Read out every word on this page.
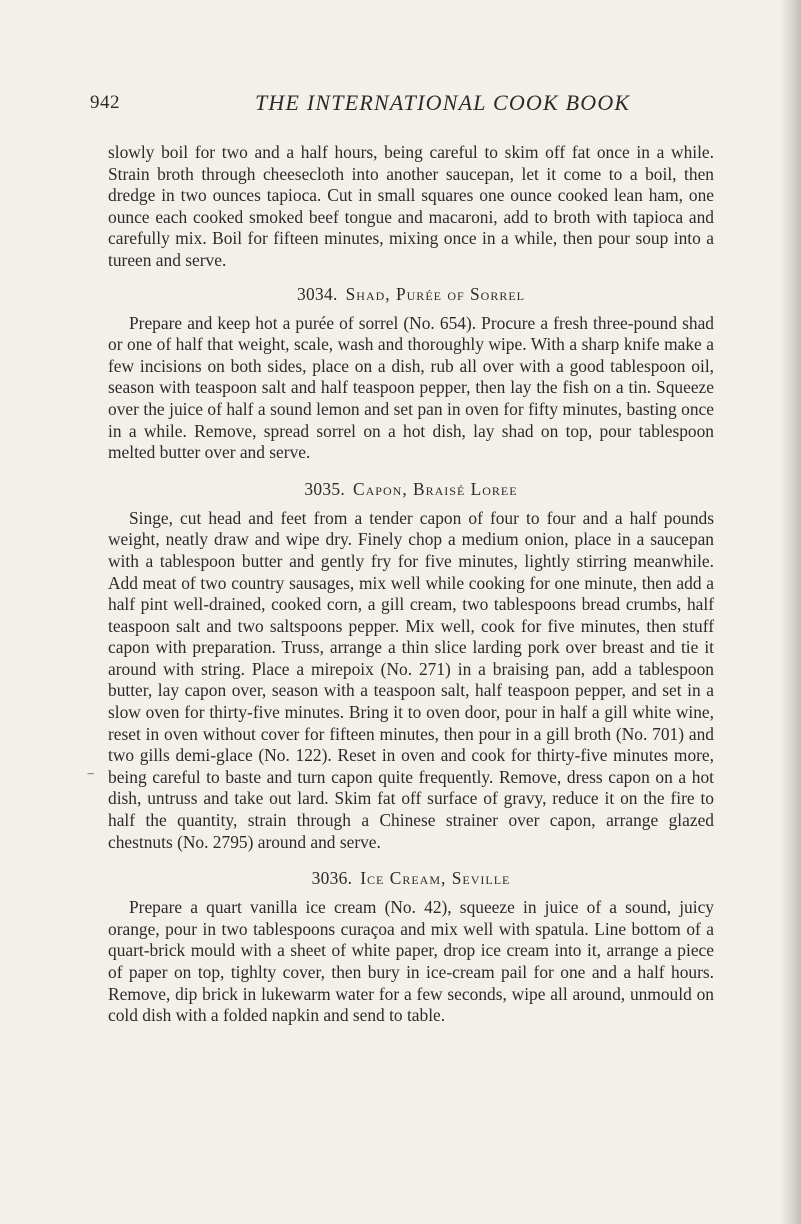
942	THE INTERNATIONAL COOK BOOK
‾

slowly boil for two and a half hours, being careful to skim off fat once in a while. Strain broth through cheesecloth into another saucepan, let it come to a boil, then dredge in two ounces tapioca. Cut in small squares one ounce cooked lean ham, one ounce each cooked smoked beef tongue and macaroni, add to broth with tapioca and carefully mix. Boil for fifteen minutes, mixing once in a while, then pour soup into a tureen and serve.

3034. Shad, Purée of Sorrel

Prepare and keep hot a purée of sorrel (No. 654). Procure a fresh three-pound shad or one of half that weight, scale, wash and thoroughly wipe. With a sharp knife make a few incisions on both sides, place on a dish, rub all over with a good tablespoon oil, season with teaspoon salt and half teaspoon pepper, then lay the fish on a tin. Squeeze over the juice of half a sound lemon and set pan in oven for fifty minutes, basting once in a while. Remove, spread sorrel on a hot dish, lay shad on top, pour tablespoon melted butter over and serve.

3035. Capon, Braisé Loree

Singe, cut head and feet from a tender capon of four to four and a half pounds weight, neatly draw and wipe dry. Finely chop a medium onion, place in a saucepan with a tablespoon butter and gently fry for five minutes, lightly stirring meanwhile. Add meat of two country sausages, mix well while cooking for one minute, then add a half pint well-drained, cooked corn, a gill cream, two tablespoons bread crumbs, half teaspoon salt and two saltspoons pepper. Mix well, cook for five minutes, then stuff capon with preparation. Truss, arrange a thin slice larding pork over breast and tie it around with string. Place a mirepoix (No. 271) in a braising pan, add a tablespoon butter, lay capon over, season with a teaspoon salt, half teaspoon pepper, and set in a slow oven for thirty-five minutes. Bring it to oven door, pour in half a gill white wine, reset in oven without cover for fifteen minutes, then pour in a gill broth (No. 701) and two gills demi-glace (No. 122). Reset in oven and cook for thirty-five minutes more, being careful to baste and turn capon quite frequently. Remove, dress capon on a hot dish, untruss and take out lard. Skim fat off surface of gravy, reduce it on the fire to half the quantity, strain through a Chinese strainer over capon, arrange glazed chestnuts (No. 2795) around and serve.

3036. Ice Cream, Seville

Prepare a quart vanilla ice cream (No. 42), squeeze in juice of a sound, juicy orange, pour in two tablespoons curaçoa and mix well with spatula. Line bottom of a quart-brick mould with a sheet of white paper, drop ice cream into it, arrange a piece of paper on top, tighlty cover, then bury in ice-cream pail for one and a half hours. Remove, dip brick in lukewarm water for a few seconds, wipe all around, unmould on cold dish with a folded napkin and send to table.
